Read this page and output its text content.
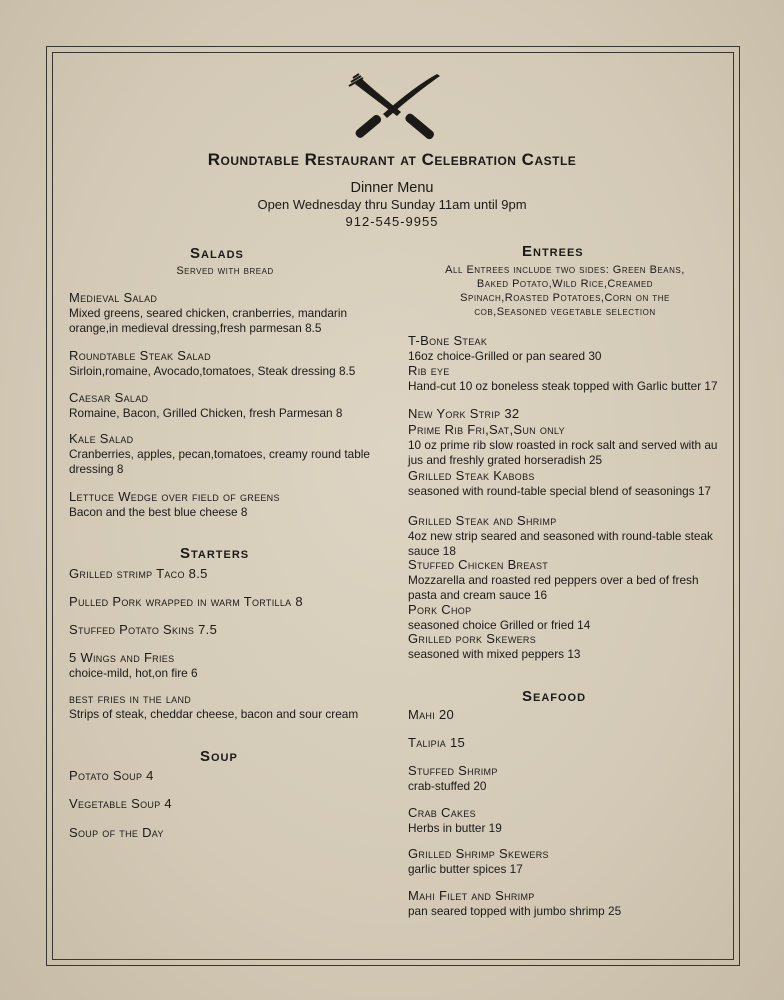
Roundtable Restaurant at Celebration Castle
Dinner Menu
Open Wednesday thru Sunday 11am until 9pm
912-545-9955
Salads
Served with bread
Medieval Salad
Mixed greens, seared chicken, cranberries, mandarin orange,in medieval dressing,fresh parmesan 8.5
Roundtable Steak Salad
Sirloin,romaine, Avocado,tomatoes, Steak dressing 8.5
Caesar Salad
Romaine, Bacon, Grilled Chicken, fresh Parmesan 8
Kale Salad
Cranberries, apples, pecan,tomatoes, creamy round table dressing 8
Lettuce Wedge over field of greens
Bacon and the best blue cheese 8
Starters
Grilled strimp Taco 8.5
Pulled Pork wrapped in warm Tortilla 8
Stuffed Potato Skins 7.5
5 Wings and Fries
choice-mild, hot,on fire 6
best fries in the land
Strips of steak, cheddar cheese, bacon and sour cream
Soup
Potato Soup 4
Vegetable Soup 4
Soup of the Day
Entrees
All Entrees include two sides: Green Beans, Baked Potato,Wild Rice,Creamed Spinach,Roasted Potatoes,Corn on the cob,Seasoned vegetable selection
T-Bone Steak
16oz choice-Grilled or pan seared 30
Rib eye
Hand-cut 10 oz boneless steak topped with Garlic butter 17
New York Strip 32
Prime Rib Fri,Sat,Sun only
10 oz prime rib slow roasted in rock salt and served with au jus and freshly grated horseradish 25
Grilled Steak Kabobs
seasoned with round-table special blend of seasonings 17
Grilled Steak and Shrimp
4oz new strip seared and seasoned with round-table steak sauce 18
Stuffed Chicken Breast
Mozzarella and roasted red peppers over a bed of fresh pasta and cream sauce 16
Pork Chop
seasoned choice Grilled or fried 14
Grilled pork Skewers
seasoned with mixed peppers 13
Seafood
Mahi 20
Talipia 15
Stuffed Shrimp
crab-stuffed 20
Crab Cakes
Herbs in butter 19
Grilled Shrimp Skewers
garlic butter spices 17
Mahi Filet and Shrimp
pan seared topped with jumbo shrimp 25
